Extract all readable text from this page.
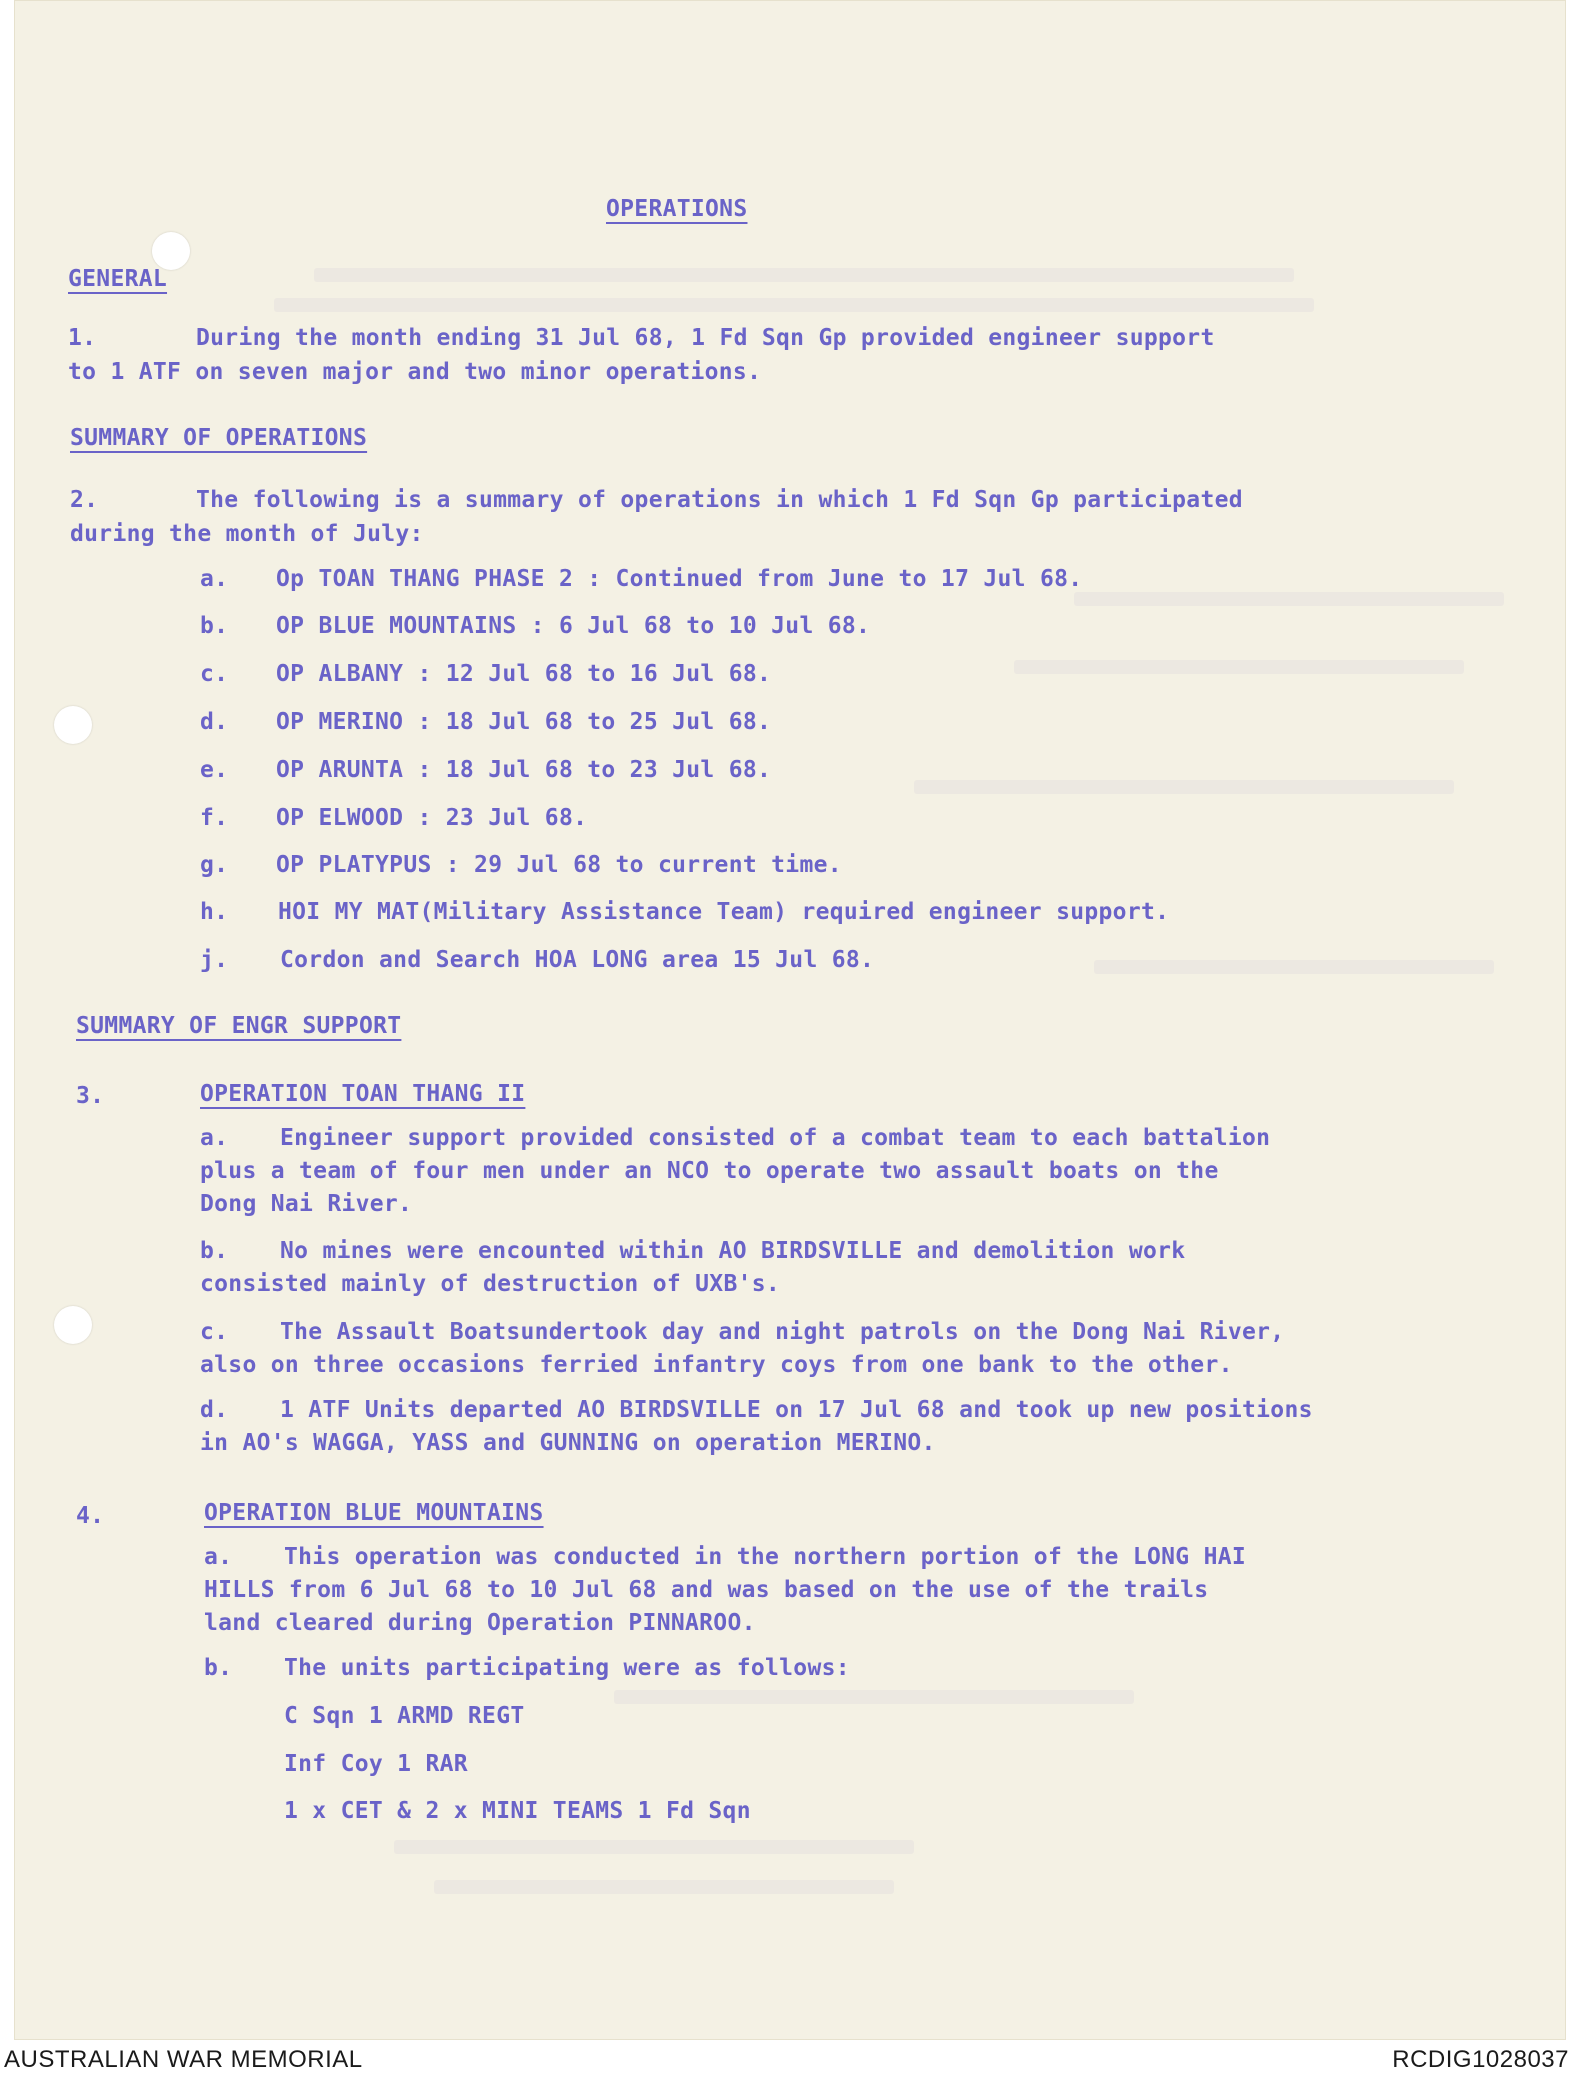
OPERATIONS
GENERAL
1.	During the month ending 31 Jul 68, 1 Fd Sqn Gp provided engineer support
to 1 ATF on seven major and two minor operations.
SUMMARY OF OPERATIONS
2.	The following is a summary of operations in which 1 Fd Sqn Gp participated
during the month of July:
a. Op TOAN THANG PHASE 2 : Continued from June to 17 Jul 68.
b. OP BLUE MOUNTAINS : 6 Jul 68 to 10 Jul 68.
c. OP ALBANY : 12 Jul 68 to 16 Jul 68.
d. OP MERINO : 18 Jul 68 to 25 Jul 68.
e. OP ARUNTA : 18 Jul 68 to 23 Jul 68.
f. OP ELWOOD : 23 Jul 68.
g. OP PLATYPUS : 29 Jul 68 to current time.
h. HOI MY MAT(Military Assistance Team) required engineer support.
j. Cordon and Search HOA LONG area 15 Jul 68.
SUMMARY OF ENGR SUPPORT
3.	OPERATION TOAN THANG II
a. Engineer support provided consisted of a combat team to each battalion
plus a team of four men under an NCO to operate two assault boats on the
Dong Nai River.
b. No mines were encounted within AO BIRDSVILLE and demolition work
consisted mainly of destruction of UXB's.
c. The Assault Boatsundertook day and night patrols on the Dong Nai River,
also on three occasions ferried infantry coys from one bank to the other.
d. 1 ATF Units departed AO BIRDSVILLE on 17 Jul 68 and took up new positions
in AO's WAGGA, YASS and GUNNING on operation MERINO.
4.	OPERATION BLUE MOUNTAINS
a. This operation was conducted in the northern portion of the LONG HAI
HILLS from 6 Jul 68 to 10 Jul 68 and was based on the use of the trails
land cleared during Operation PINNAROO.
b. The units participating were as follows:
C Sqn 1 ARMD REGT
Inf Coy 1 RAR
1 x CET & 2 x MINI TEAMS 1 Fd Sqn
AUSTRALIAN WAR MEMORIAL	RCDIG1028037
